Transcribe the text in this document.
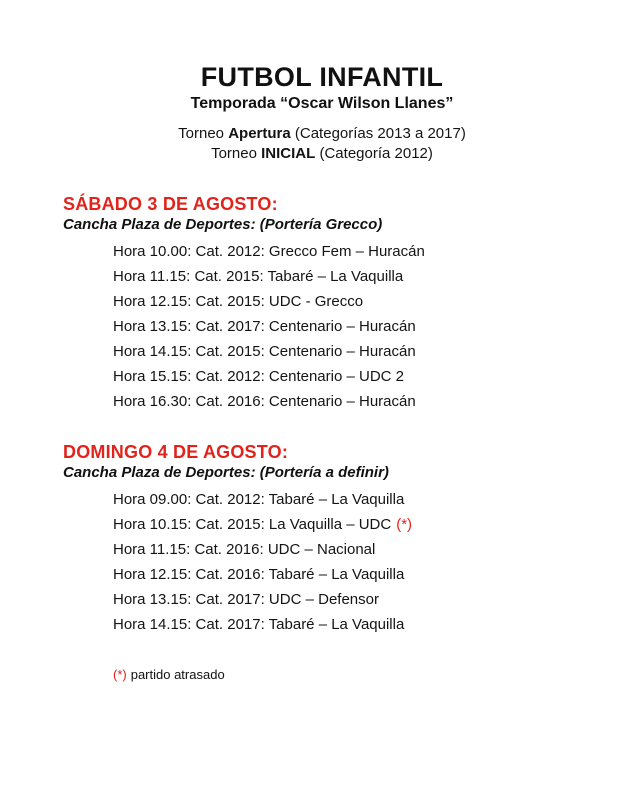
FUTBOL INFANTIL
Temporada “Oscar Wilson Llanes”
Torneo Apertura (Categorías 2013 a 2017)
Torneo INICIAL (Categoría 2012)
SÁBADO 3 DE AGOSTO:
Cancha Plaza de Deportes: (Portería Grecco)
Hora 10.00: Cat. 2012: Grecco Fem – Huracán
Hora 11.15: Cat. 2015: Tabaré – La Vaquilla
Hora 12.15: Cat. 2015: UDC - Grecco
Hora 13.15: Cat. 2017: Centenario – Huracán
Hora 14.15: Cat. 2015: Centenario – Huracán
Hora 15.15: Cat. 2012: Centenario – UDC 2
Hora 16.30: Cat. 2016: Centenario – Huracán
DOMINGO 4 DE AGOSTO:
Cancha Plaza de Deportes: (Portería a definir)
Hora 09.00: Cat. 2012: Tabaré – La Vaquilla
Hora 10.15: Cat. 2015: La Vaquilla – UDC (*)
Hora 11.15: Cat. 2016: UDC – Nacional
Hora 12.15: Cat. 2016: Tabaré – La Vaquilla
Hora 13.15: Cat. 2017: UDC – Defensor
Hora 14.15: Cat. 2017: Tabaré – La Vaquilla
(*) partido atrasado
